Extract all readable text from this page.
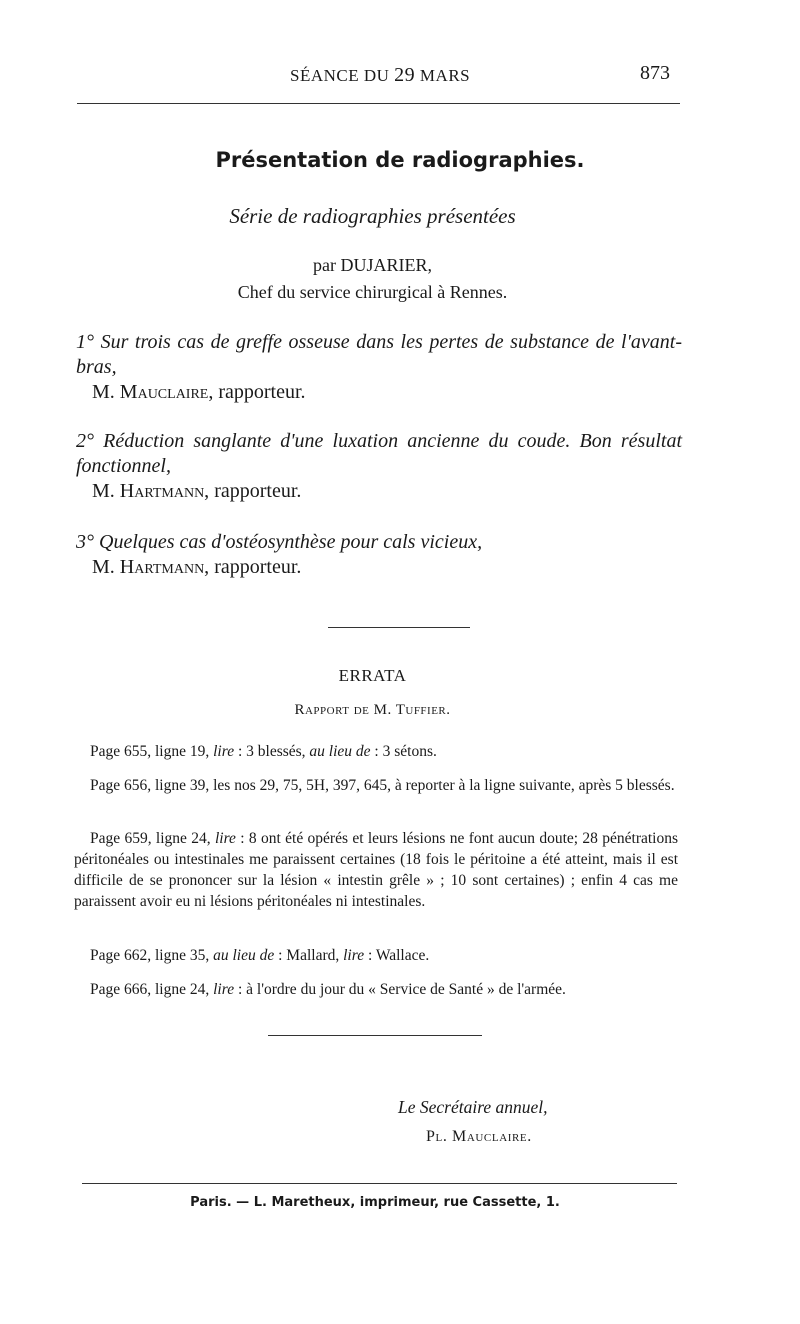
SÉANCE DU 29 MARS	873
Présentation de radiographies.
Série de radiographies présentées
par DUJARIER,
Chef du service chirurgical à Rennes.
1° Sur trois cas de greffe osseuse dans les pertes de substance de l'avant-bras,
M. Mauclaire, rapporteur.
2° Réduction sanglante d'une luxation ancienne du coude. Bon résultat fonctionnel,
M. Hartmann, rapporteur.
3° Quelques cas d'ostéosynthèse pour cals vicieux,
M. Hartmann, rapporteur.
ERRATA
Rapport de M. Tuffier.
Page 655, ligne 19, lire : 3 blessés, au lieu de : 3 sétons.
Page 656, ligne 39, les nos 29, 75, 5H, 397, 645, à reporter à la ligne suivante, après 5 blessés.
Page 659, ligne 24, lire : 8 ont été opérés et leurs lésions ne font aucun doute; 28 pénétrations péritonéales ou intestinales me paraissent certaines (18 fois le péritoine a été atteint, mais il est difficile de se prononcer sur la lésion « intestin grêle » ; 10 sont certaines) ; enfin 4 cas me paraissent avoir eu ni lésions péritonéales ni intestinales.
Page 662, ligne 35, au lieu de : Mallard, lire : Wallace.
Page 666, ligne 24, lire : à l'ordre du jour du « Service de Santé » de l'armée.
Le Secrétaire annuel,
Pl. Mauclaire.
Paris. — L. Maretheux, imprimeur, rue Cassette, 1.
